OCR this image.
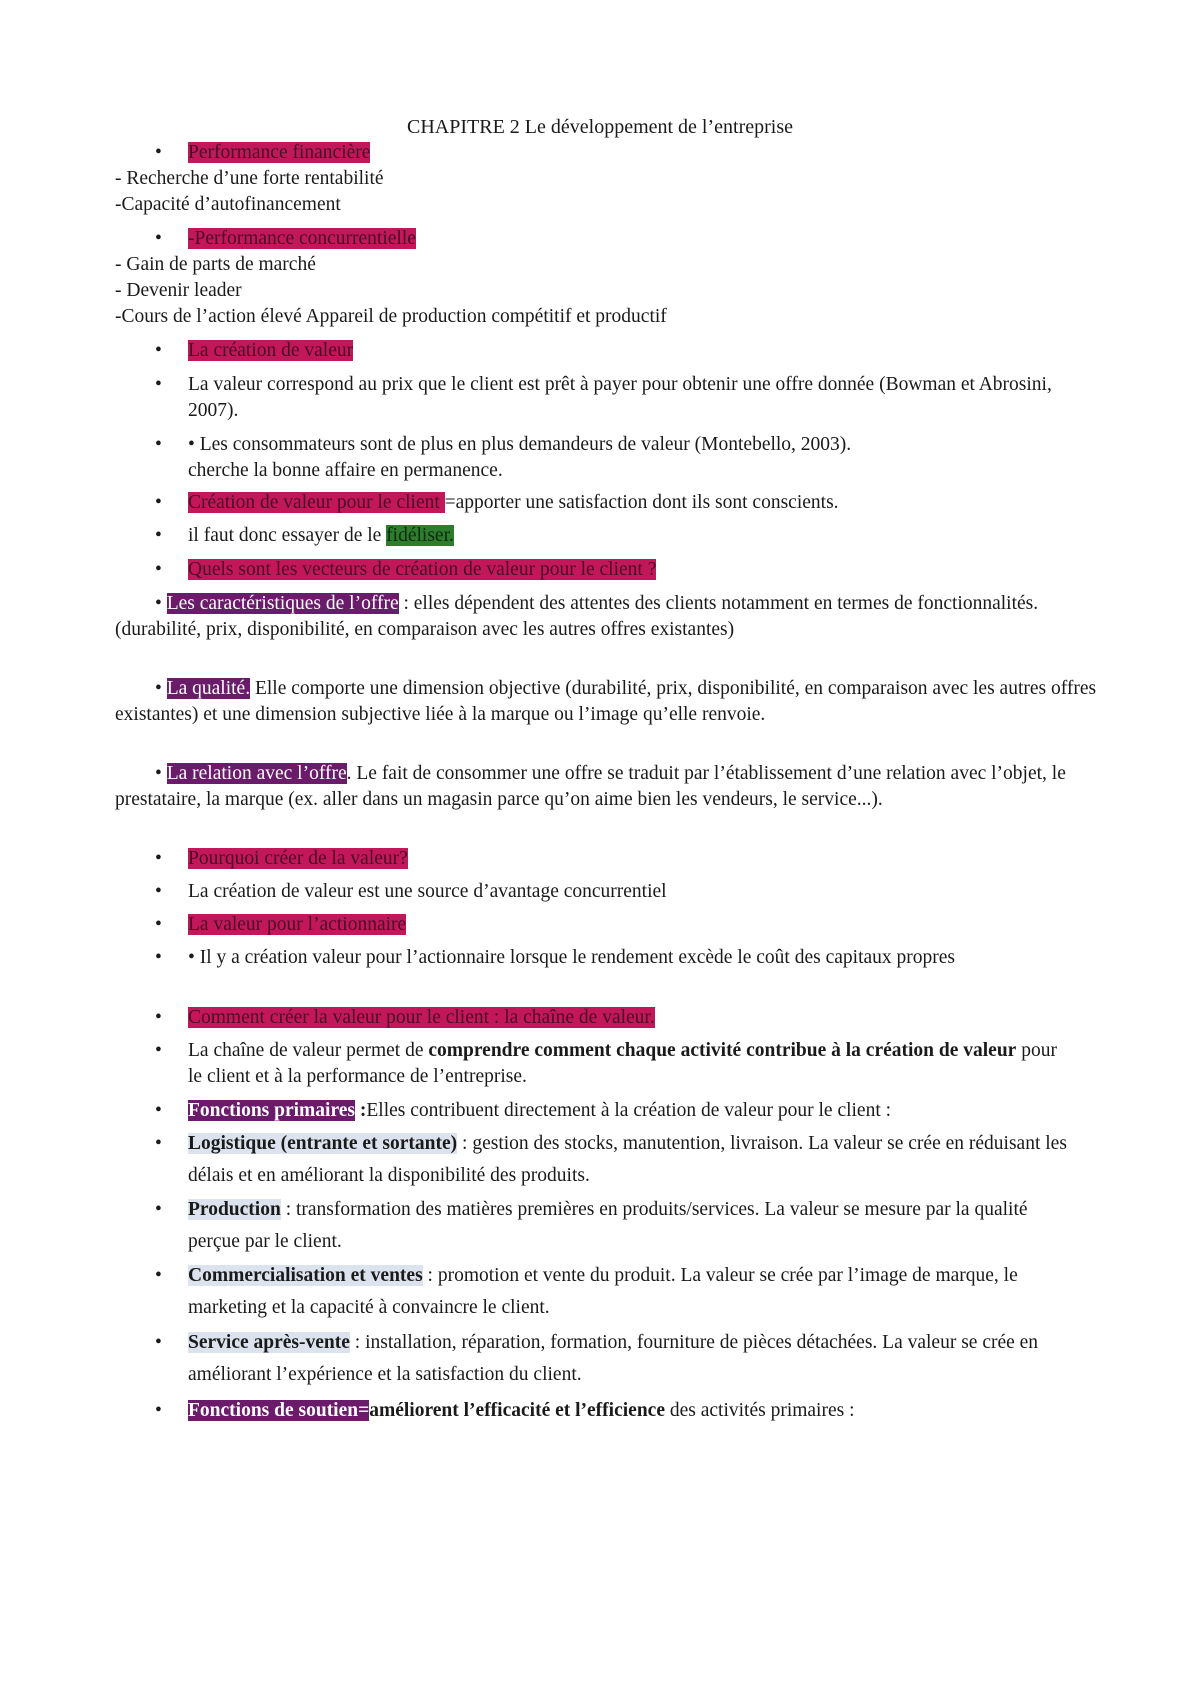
CHAPITRE 2 Le développement de l’entreprise
• Performance financière
- Recherche d’une forte rentabilité
-Capacité d’autofinancement
• -Performance concurrentielle
- Gain de parts de marché
- Devenir leader
-Cours de l’action élevé Appareil de production compétitif et productif
• La création de valeur
• La valeur correspond au prix que le client est prêt à payer pour obtenir une offre donnée (Bowman et Abrosini, 2007).
• • Les consommateurs sont de plus en plus demandeurs de valeur (Montebello, 2003).
cherche la bonne affaire en permanence.
• Création de valeur pour le client =apporter une satisfaction dont ils sont conscients.
• il faut donc essayer de le fidéliser.
• Quels sont les vecteurs de création de valeur pour le client ?
• Les caractéristiques de l’offre : elles dépendent des attentes des clients notamment en termes de fonctionnalités.(durabilité, prix, disponibilité, en comparaison avec les autres offres existantes)
• La qualité. Elle comporte une dimension objective (durabilité, prix, disponibilité, en comparaison avec les autres offres existantes) et une dimension subjective liée à la marque ou l’image qu’elle renvoie.
• La relation avec l’offre. Le fait de consommer une offre se traduit par l’établissement d’une relation avec l’objet, le prestataire, la marque (ex. aller dans un magasin parce qu’on aime bien les vendeurs, le service...).
• Pourquoi créer de la valeur?
• La création de valeur est une source d’avantage concurrentiel
• La valeur pour l’actionnaire
• • Il y a création valeur pour l’actionnaire lorsque le rendement excède le coût des capitaux propres
• Comment créer la valeur pour le client : la chaîne de valeur.
• La chaîne de valeur permet de comprendre comment chaque activité contribue à la création de valeur pour le client et à la performance de l’entreprise.
• Fonctions primaires :Elles contribuent directement à la création de valeur pour le client :
• Logistique (entrante et sortante) : gestion des stocks, manutention, livraison. La valeur se crée en réduisant les délais et en améliorant la disponibilité des produits.
• Production : transformation des matières premières en produits/services. La valeur se mesure par la qualité perçue par le client.
• Commercialisation et ventes : promotion et vente du produit. La valeur se crée par l’image de marque, le marketing et la capacité à convaincre le client.
• Service après-vente : installation, réparation, formation, fourniture de pièces détachées. La valeur se crée en améliorant l’expérience et la satisfaction du client.
• Fonctions de soutien=améliorent l’efficacité et l’efficience des activités primaires :
